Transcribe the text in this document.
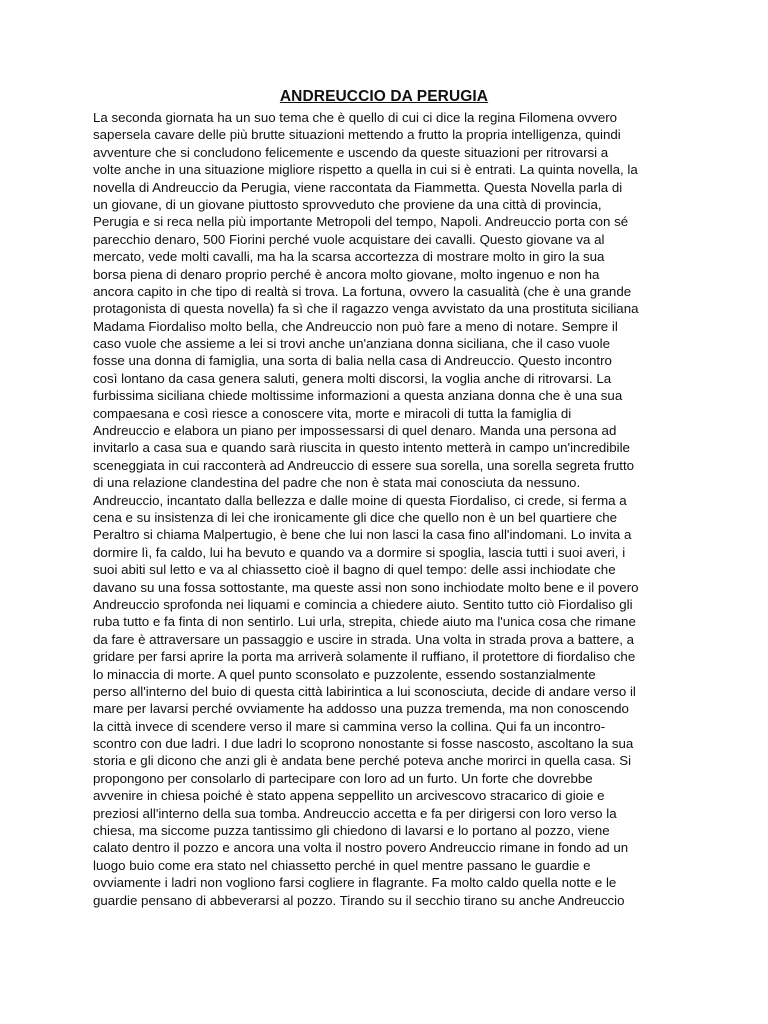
ANDREUCCIO DA PERUGIA
La seconda giornata ha un suo tema che è quello di cui ci dice la regina Filomena ovvero
sapersela cavare delle più brutte situazioni mettendo a frutto la propria intelligenza, quindi
avventure che si concludono felicemente e uscendo da queste situazioni per ritrovarsi a
volte anche in una situazione migliore rispetto a quella in cui si è entrati. La quinta novella, la
novella di Andreuccio da Perugia, viene raccontata da Fiammetta. Questa Novella parla di
un giovane, di un giovane piuttosto sprovveduto che proviene da una città di provincia,
Perugia e si reca nella più importante Metropoli del tempo, Napoli. Andreuccio porta con sé
parecchio denaro, 500 Fiorini perché vuole acquistare dei cavalli. Questo giovane va al
mercato, vede molti cavalli, ma ha la scarsa accortezza di mostrare molto in giro la sua
borsa piena di denaro proprio perché è ancora molto giovane, molto ingenuo e non ha
ancora capito in che tipo di realtà si trova. La fortuna, ovvero la casualità (che è una grande
protagonista di questa novella) fa sì che il ragazzo venga avvistato da una prostituta siciliana
Madama Fiordaliso molto bella, che Andreuccio non può fare a meno di notare. Sempre il
caso vuole che assieme a lei si trovi anche un'anziana donna siciliana, che il caso vuole
fosse una donna di famiglia, una sorta di balia nella casa di Andreuccio. Questo incontro
così lontano da casa genera saluti, genera molti discorsi, la voglia anche di ritrovarsi. La
furbissima siciliana chiede moltissime informazioni a questa anziana donna che è una sua
compaesana e così riesce a conoscere vita, morte e miracoli di tutta la famiglia di
Andreuccio e elabora un piano per impossessarsi di quel denaro. Manda una persona ad
invitarlo a casa sua e quando sarà riuscita in questo intento metterà in campo un'incredibile
sceneggiata in cui racconterà ad Andreuccio di essere sua sorella, una sorella segreta frutto
di una relazione clandestina del padre che non è stata mai conosciuta da nessuno.
Andreuccio, incantato dalla bellezza e dalle moine di questa Fiordaliso, ci crede, si ferma a
cena e su insistenza di lei che ironicamente gli dice che quello non è un bel quartiere che
Peraltro si chiama Malpertugio, è bene che lui non lasci la casa fino all'indomani. Lo invita a
dormire lì, fa caldo, lui ha bevuto e quando va a dormire si spoglia, lascia tutti i suoi averi, i
suoi abiti sul letto e va al chiassetto cioè il bagno di quel tempo: delle assi inchiodate che
davano su una fossa sottostante, ma queste assi non sono inchiodate molto bene e il povero
Andreuccio sprofonda nei liquami e comincia a chiedere aiuto. Sentito tutto ciò Fiordaliso gli
ruba tutto e fa finta di non sentirlo. Lui urla, strepita, chiede aiuto ma l'unica cosa che rimane
da fare è attraversare un passaggio e uscire in strada. Una volta in strada prova a battere, a
gridare per farsi aprire la porta ma arriverà solamente il ruffiano, il protettore di fiordaliso che
lo minaccia di morte. A quel punto sconsolato e puzzolente, essendo sostanzialmente
perso all'interno del buio di questa città labirintica a lui sconosciuta, decide di andare verso il
mare per lavarsi perché ovviamente ha addosso una puzza tremenda, ma non conoscendo
la città invece di scendere verso il mare si cammina verso la collina. Qui fa un incontro-
scontro con due ladri. I due ladri lo scoprono nonostante si fosse nascosto, ascoltano la sua
storia e gli dicono che anzi gli è andata bene perché poteva anche morirci in quella casa. Si
propongono per consolarlo di partecipare con loro ad un furto. Un forte che dovrebbe
avvenire in chiesa poiché è stato appena seppellito un arcivescovo stracarico di gioie e
preziosi all'interno della sua tomba. Andreuccio accetta e fa per dirigersi con loro verso la
chiesa, ma siccome puzza tantissimo gli chiedono di lavarsi e lo portano al pozzo, viene
calato dentro il pozzo e ancora una volta il nostro povero Andreuccio rimane in fondo ad un
luogo buio come era stato nel chiassetto perché in quel mentre passano le guardie e
ovviamente i ladri non vogliono farsi cogliere in flagrante. Fa molto caldo quella notte e le
guardie pensano di abbeverarsi al pozzo. Tirando su il secchio tirano su anche Andreuccio
